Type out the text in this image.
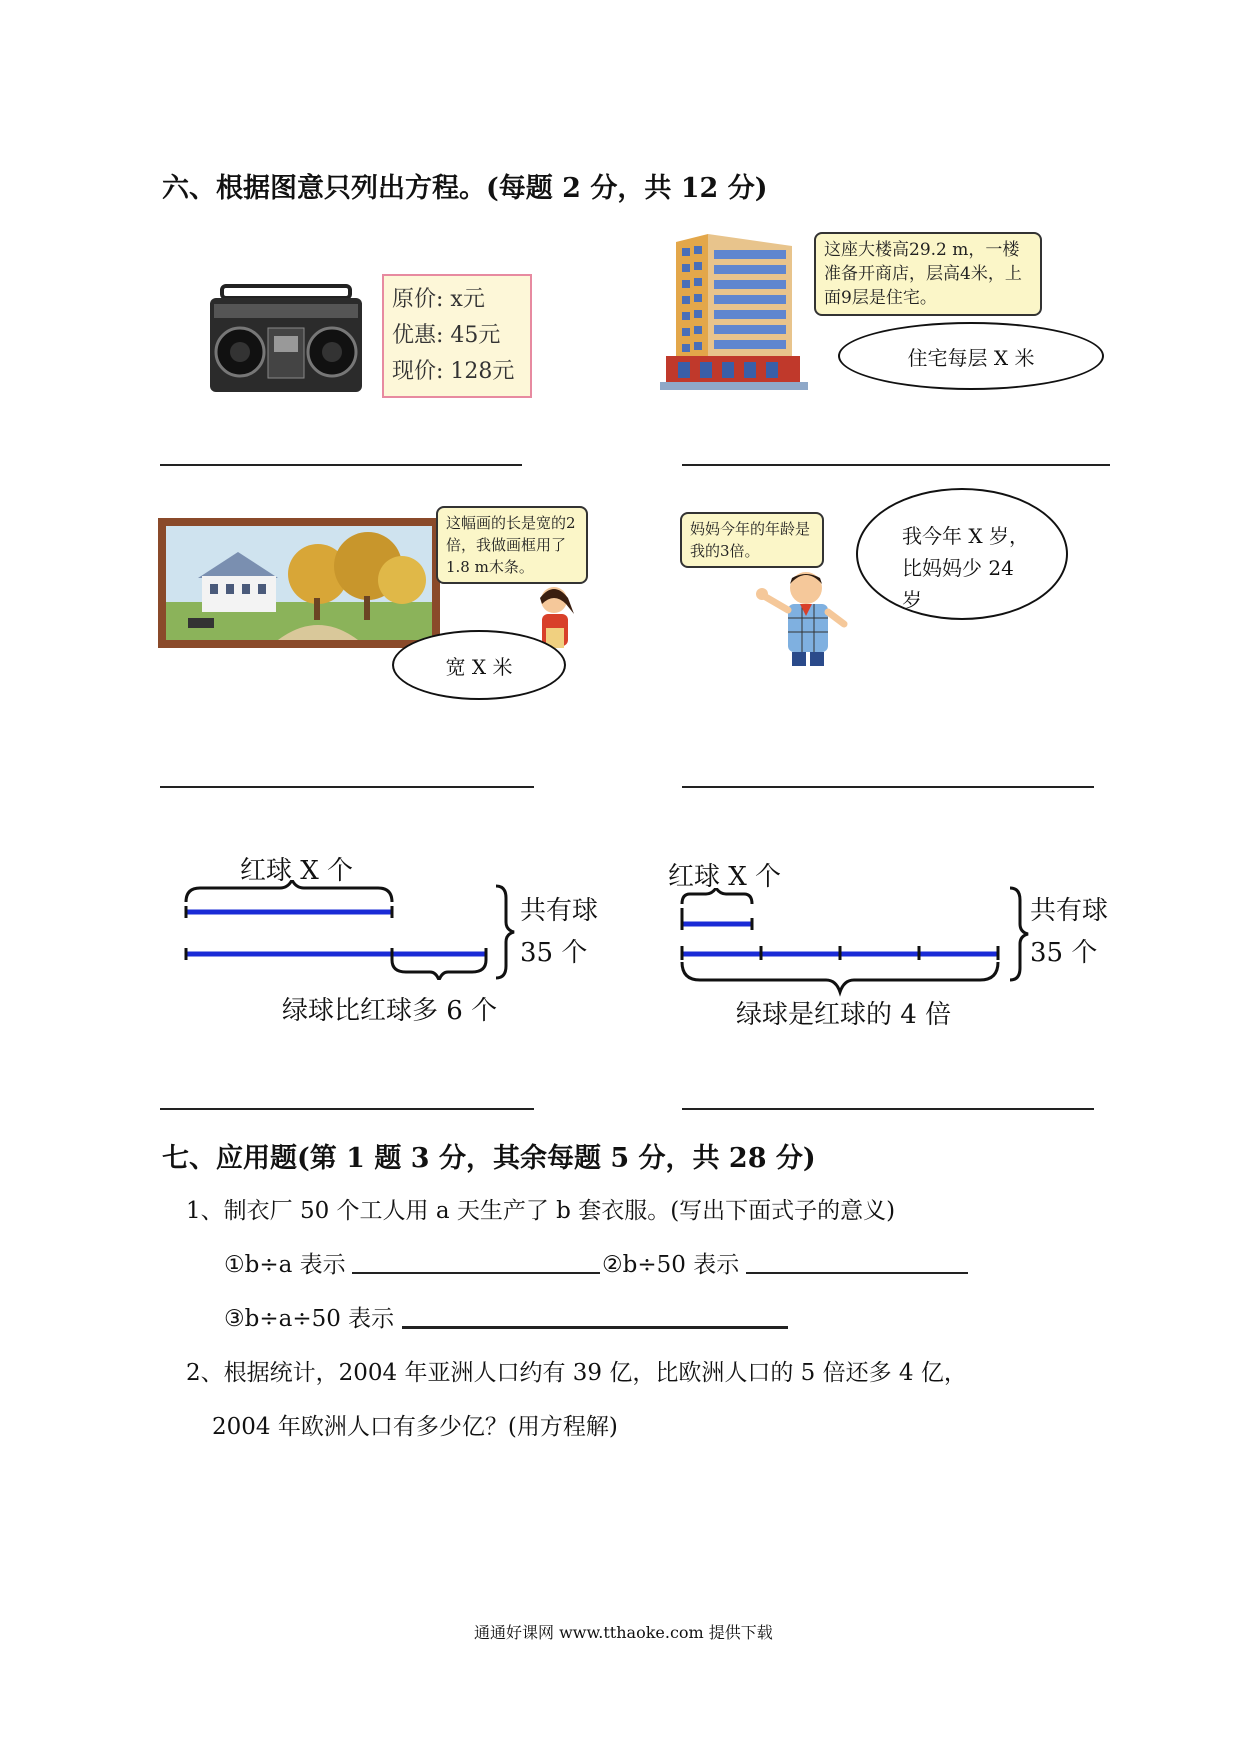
六、根据图意只列出方程。(每题 2 分，共 12 分)
原价: x元
优惠: 45元
现价: 128元
这座大楼高29.2 m，一楼准备开商店，层高4米，上面9层是住宅。
住宅每层 X 米
这幅画的长是宽的2倍，我做画框用了1.8 m木条。
宽 X 米
妈妈今年的年龄是我的3倍。
我今年 X 岁，
比妈妈少 24
岁
红球 X 个
共有球
35 个
绿球比红球多 6 个
红球 X 个
共有球
35 个
绿球是红球的 4 倍
七、应用题(第 1 题 3 分，其余每题 5 分，共 28 分)
1、制衣厂 50 个工人用 a 天生产了 b 套衣服。(写出下面式子的意义)
①b÷a 表示	②b÷50 表示
③b÷a÷50 表示
2、根据统计，2004 年亚洲人口约有 39 亿，比欧洲人口的 5 倍还多 4 亿，
2004 年欧洲人口有多少亿？(用方程解)
通通好课网 www.tthaoke.com 提供下载
